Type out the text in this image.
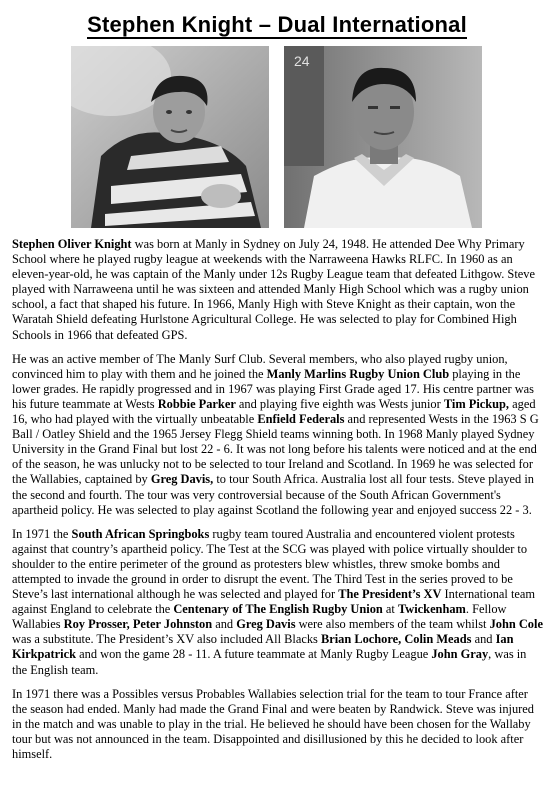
Stephen Knight – Dual International
24

Stephen Oliver Knight was born at Manly in Sydney on July 24, 1948. He attended Dee Why Primary School where he played rugby league at weekends with the Narraweena Hawks RLFC. In 1960 as an eleven-year-old, he was captain of the Manly under 12s Rugby League team that defeated Lithgow. Steve played with Narraweena until he was sixteen and attended Manly High School which was a rugby union school, a fact that shaped his future. In 1966, Manly High with Steve Knight as their captain, won the Waratah Shield defeating Hurlstone Agricultural College. He was selected to play for Combined High Schools in 1966 that defeated GPS.

He was an active member of The Manly Surf Club. Several members, who also played rugby union, convinced him to play with them and he joined the Manly Marlins Rugby Union Club playing in the lower grades. He rapidly progressed and in 1967 was playing First Grade aged 17. His centre partner was his future teammate at Wests Robbie Parker and playing five eighth was Wests junior Tim Pickup, aged 16, who had played with the virtually unbeatable Enfield Federals and represented Wests in the 1963 S G Ball / Oatley Shield and the 1965 Jersey Flegg Shield teams winning both. In 1968 Manly played Sydney University in the Grand Final but lost 22 - 6. It was not long before his talents were noticed and at the end of the season, he was unlucky not to be selected to tour Ireland and Scotland. In 1969 he was selected for the Wallabies, captained by Greg Davis, to tour South Africa. Australia lost all four tests. Steve played in the second and fourth. The tour was very controversial because of the South African Government's apartheid policy. He was selected to play against Scotland the following year and enjoyed success 22 - 3.

In 1971 the South African Springboks rugby team toured Australia and encountered violent protests against that country’s apartheid policy. The Test at the SCG was played with police virtually shoulder to shoulder to the entire perimeter of the ground as protesters blew whistles, threw smoke bombs and attempted to invade the ground in order to disrupt the event. The Third Test in the series proved to be Steve’s last international although he was selected and played for The President’s XV International team against England to celebrate the Centenary of The English Rugby Union at Twickenham. Fellow Wallabies Roy Prosser, Peter Johnston and Greg Davis were also members of the team whilst John Cole was a substitute. The President’s XV also included All Blacks Brian Lochore, Colin Meads and Ian Kirkpatrick and won the game 28 - 11. A future teammate at Manly Rugby League John Gray, was in the English team.

In 1971 there was a Possibles versus Probables Wallabies selection trial for the team to tour France after the season had ended. Manly had made the Grand Final and were beaten by Randwick. Steve was injured in the match and was unable to play in the trial. He believed he should have been chosen for the Wallaby tour but was not announced in the team. Disappointed and disillusioned by this he decided to look after himself.
